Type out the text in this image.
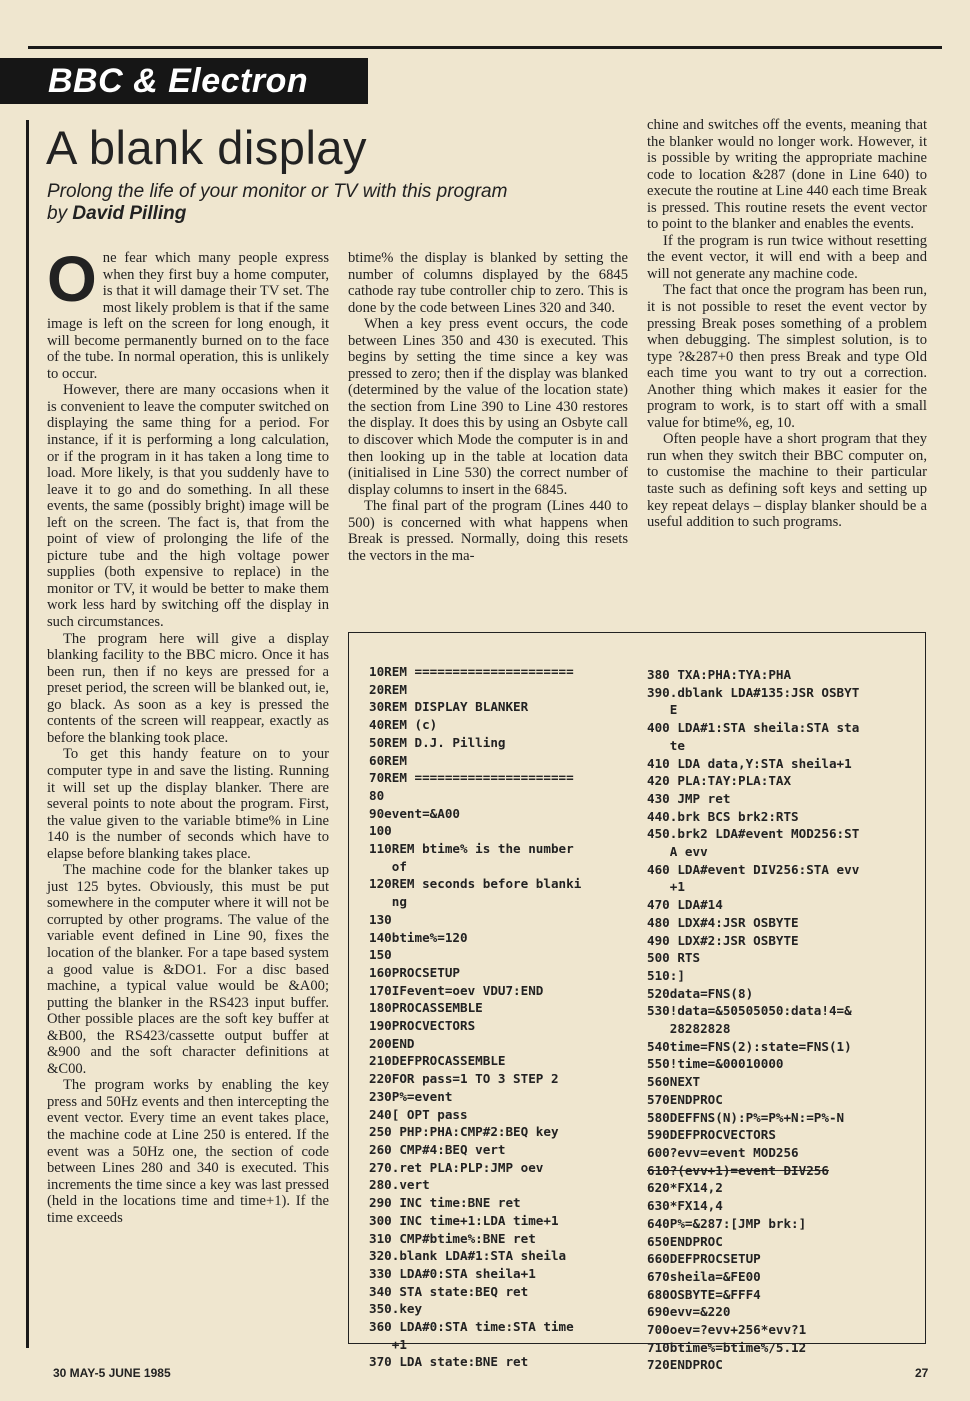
BBC & Electron
A blank display
Prolong the life of your monitor or TV with this program
by David Pilling

One fear which many people express when they first buy a home computer, is that it will damage their TV set. The most likely problem is that if the same image is left on the screen for long enough, it will become permanently burned on to the face of the tube. In normal operation, this is unlikely to occur.

However, there are many occasions when it is convenient to leave the computer switched on displaying the same thing for a period. For instance, if it is performing a long calculation, or if the program in it has taken a long time to load. More likely, is that you suddenly have to leave it to go and do something. In all these events, the same (possibly bright) image will be left on the screen. The fact is, that from the point of view of prolonging the life of the picture tube and the high voltage power supplies (both expensive to replace) in the monitor or TV, it would be better to make them work less hard by switching off the display in such circumstances.

The program here will give a display blanking facility to the BBC micro. Once it has been run, then if no keys are pressed for a preset period, the screen will be blanked out, ie, go black. As soon as a key is pressed the contents of the screen will reappear, exactly as before the blanking took place.

To get this handy feature on to your computer type in and save the listing. Running it will set up the display blanker. There are several points to note about the program. First, the value given to the variable btime% in Line 140 is the number of seconds which have to elapse before blanking takes place.

The machine code for the blanker takes up just 125 bytes. Obviously, this must be put somewhere in the computer where it will not be corrupted by other programs. The value of the variable event defined in Line 90, fixes the location of the blanker. For a tape based system a good value is &DO1. For a disc based machine, a typical value would be &A00; putting the blanker in the RS423 input buffer. Other possible places are the soft key buffer at &B00, the RS423/cassette output buffer at &900 and the soft character definitions at &C00.

The program works by enabling the key press and 50Hz events and then intercepting the event vector. Every time an event takes place, the machine code at Line 250 is entered. If the event was a 50Hz one, the section of code between Lines 280 and 340 is executed. This increments the time since a key was last pressed (held in the locations time and time+1). If the time exceeds

btime% the display is blanked by setting the number of columns displayed by the 6845 cathode ray tube controller chip to zero. This is done by the code between Lines 320 and 340.

When a key press event occurs, the code between Lines 350 and 430 is executed. This begins by setting the time since a key was pressed to zero; then if the display was blanked (determined by the value of the location state) the section from Line 390 to Line 430 restores the display. It does this by using an Osbyte call to discover which Mode the computer is in and then looking up in the table at location data (initialised in Line 530) the correct number of display columns to insert in the 6845.

The final part of the program (Lines 440 to 500) is concerned with what happens when Break is pressed. Normally, doing this resets the vectors in the ma-

chine and switches off the events, meaning that the blanker would no longer work. However, it is possible by writing the appropriate machine code to location &287 (done in Line 640) to execute the routine at Line 440 each time Break is pressed. This routine resets the event vector to point to the blanker and enables the events.

If the program is run twice without resetting the event vector, it will end with a beep and will not generate any machine code.

The fact that once the program has been run, it is not possible to reset the event vector by pressing Break poses something of a problem when debugging. The simplest solution, is to type ?&287+0 then press Break and type Old each time you want to try out a correction. Another thing which makes it easier for the program to work, is to start off with a small value for btime%, eg, 10.

Often people have a short program that they run when they switch their BBC computer on, to customise the machine to their particular taste such as defining soft keys and setting up key repeat delays – display blanker should be a useful addition to such programs.

10REM =====================
20REM
30REM DISPLAY BLANKER
40REM (c)
50REM D.J. Pilling
60REM
70REM =====================
80
90event=&A00
100
110REM btime% is the number
of
120REM seconds before blanki
ng
130
140btime%=120
150
160PROCSETUP
170IFevent=oev VDU7:END
180PROCASSEMBLE
190PROCVECTORS
200END
210DEFPROCASSEMBLE
220FOR pass=1 TO 3 STEP 2
230P%=event
240[ OPT pass
250 PHP:PHA:CMP#2:BEQ key
260 CMP#4:BEQ vert
270.ret PLA:PLP:JMP oev
280.vert
290 INC time:BNE ret
300 INC time+1:LDA time+1
310 CMP#btime%:BNE ret
320.blank LDA#1:STA sheila
330 LDA#0:STA sheila+1
340 STA state:BEQ ret
350.key
360 LDA#0:STA time:STA time
+1
370 LDA state:BNE ret
380 TXA:PHA:TYA:PHA
390.dblank LDA#135:JSR OSBYT
E
400 LDA#1:STA sheila:STA sta
te
410 LDA data,Y:STA sheila+1
420 PLA:TAY:PLA:TAX
430 JMP ret
440.brk BCS brk2:RTS
450.brk2 LDA#event MOD256:ST
A evv
460 LDA#event DIV256:STA evv
+1
470 LDA#14
480 LDX#4:JSR OSBYTE
490 LDX#2:JSR OSBYTE
500 RTS
510:]
520data=FNS(8)
530!data=&50505050:data!4=&
28282828
540time=FNS(2):state=FNS(1)
550!time=&00010000
560NEXT
570ENDPROC
580DEFFNS(N):P%=P%+N:=P%-N
590DEFPROCVECTORS
600?evv=event MOD256
610?(evv+1)=event DIV256
620*FX14,2
630*FX14,4
640P%=&287:[JMP brk:]
650ENDPROC
660DEFPROCSETUP
670sheila=&FE00
680OSBYTE=&FFF4
690evv=&220
700oev=?evv+256*evv?1
710btime%=btime%/5.12
720ENDPROC
30 MAY-5 JUNE 1985	27
